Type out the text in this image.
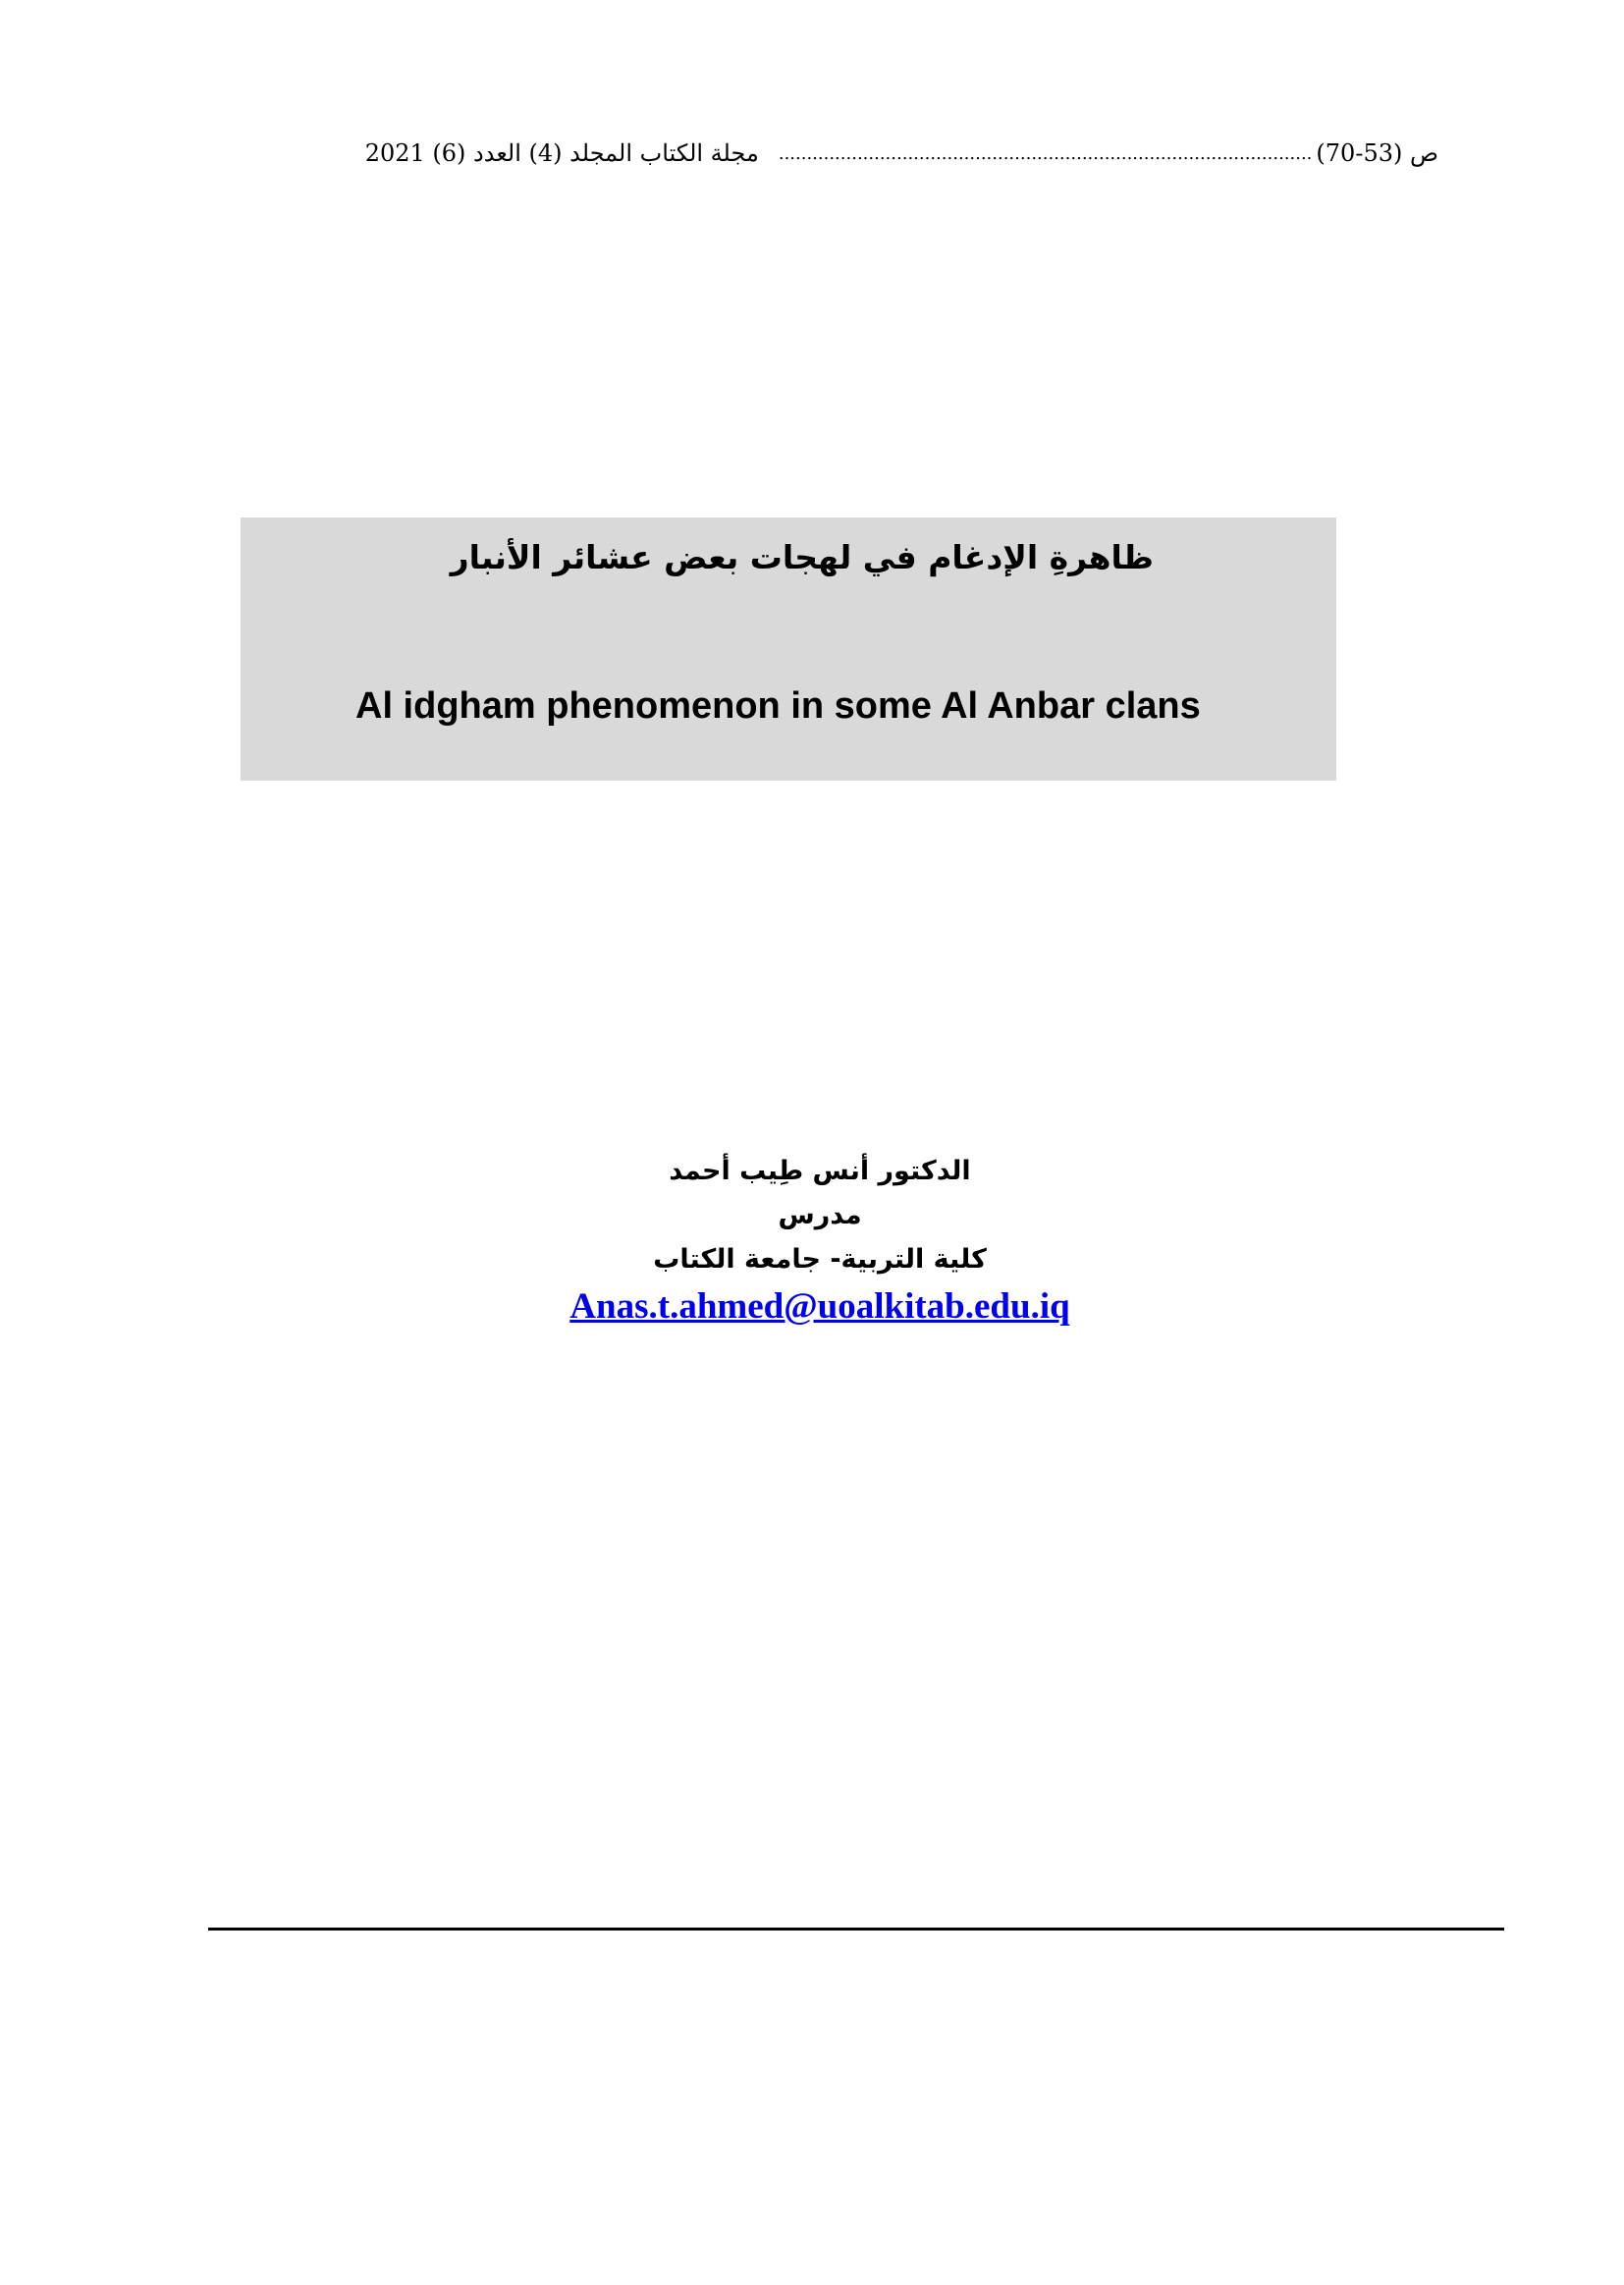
ص (53-70)
...............................................................................................
مجلة الكتاب المجلد (4) العدد (6) 2021
ظاهرةِ الإدغام في لهجات بعض عشائر الأنبار
Al idgham phenomenon in some Al Anbar clans
الدكتور أنس طِيب أحمد
مدرس
كلية التربية- جامعة الكتاب
Anas.t.ahmed@uoalkitab.edu.iq
